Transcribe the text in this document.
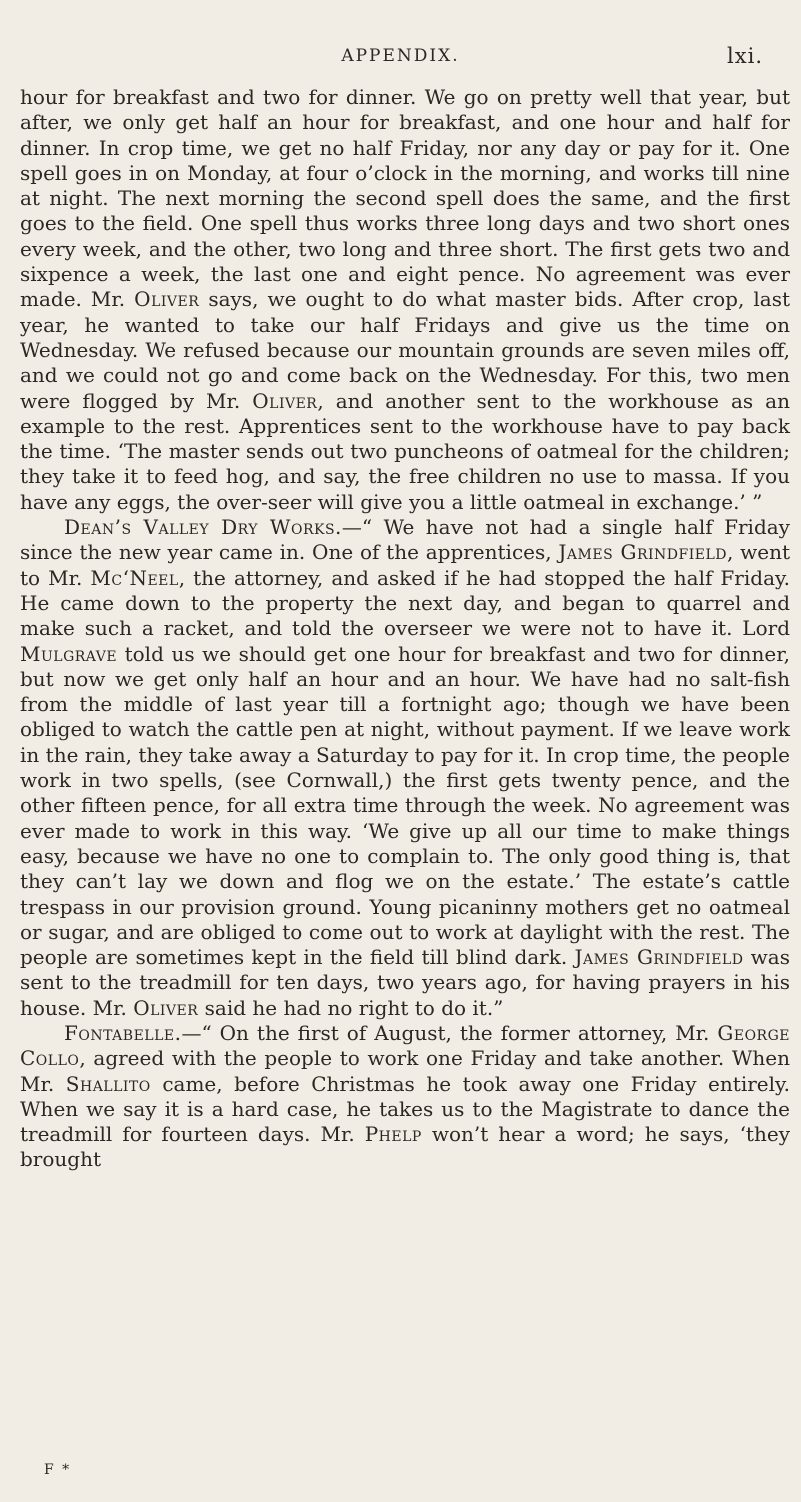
APPENDIX.	lxi.

hour for breakfast and two for dinner. We go on pretty well that year, but after, we only get half an hour for breakfast, and one hour and half for dinner. In crop time, we get no half Friday, nor any day or pay for it. One spell goes in on Monday, at four o’clock in the morning, and works till nine at night. The next morning the second spell does the same, and the first goes to the field. One spell thus works three long days and two short ones every week, and the other, two long and three short. The first gets two and sixpence a week, the last one and eight pence. No agreement was ever made. Mr. Oliver says, we ought to do what master bids. After crop, last year, he wanted to take our half Fridays and give us the time on Wednesday. We refused because our mountain grounds are seven miles off, and we could not go and come back on the Wednesday. For this, two men were flogged by Mr. Oliver, and another sent to the workhouse as an example to the rest. Apprentices sent to the workhouse have to pay back the time. ‘The master sends out two puncheons of oatmeal for the children; they take it to feed hog, and say, the free children no use to massa. If you have any eggs, the over-seer will give you a little oatmeal in exchange.’ ”

Dean’s Valley Dry Works.—“ We have not had a single half Friday since the new year came in. One of the apprentices, James Grindfield, went to Mr. Mc‘Neel, the attorney, and asked if he had stopped the half Friday. He came down to the property the next day, and began to quarrel and make such a racket, and told the overseer we were not to have it. Lord Mulgrave told us we should get one hour for breakfast and two for dinner, but now we get only half an hour and an hour. We have had no salt-fish from the middle of last year till a fortnight ago; though we have been obliged to watch the cattle pen at night, without payment. If we leave work in the rain, they take away a Saturday to pay for it. In crop time, the people work in two spells, (see Cornwall,) the first gets twenty pence, and the other fifteen pence, for all extra time through the week. No agreement was ever made to work in this way. ‘We give up all our time to make things easy, because we have no one to complain to. The only good thing is, that they can’t lay we down and flog we on the estate.’ The estate’s cattle trespass in our provision ground. Young picaninny mothers get no oatmeal or sugar, and are obliged to come out to work at daylight with the rest. The people are sometimes kept in the field till blind dark. James Grindfield was sent to the treadmill for ten days, two years ago, for having prayers in his house. Mr. Oliver said he had no right to do it.”

Fontabelle.—“ On the first of August, the former attorney, Mr. George Collo, agreed with the people to work one Friday and take another. When Mr. Shallito came, before Christmas he took away one Friday entirely. When we say it is a hard case, he takes us to the Magistrate to dance the treadmill for fourteen days. Mr. Phelp won’t hear a word; he says, ‘they brought

F *
